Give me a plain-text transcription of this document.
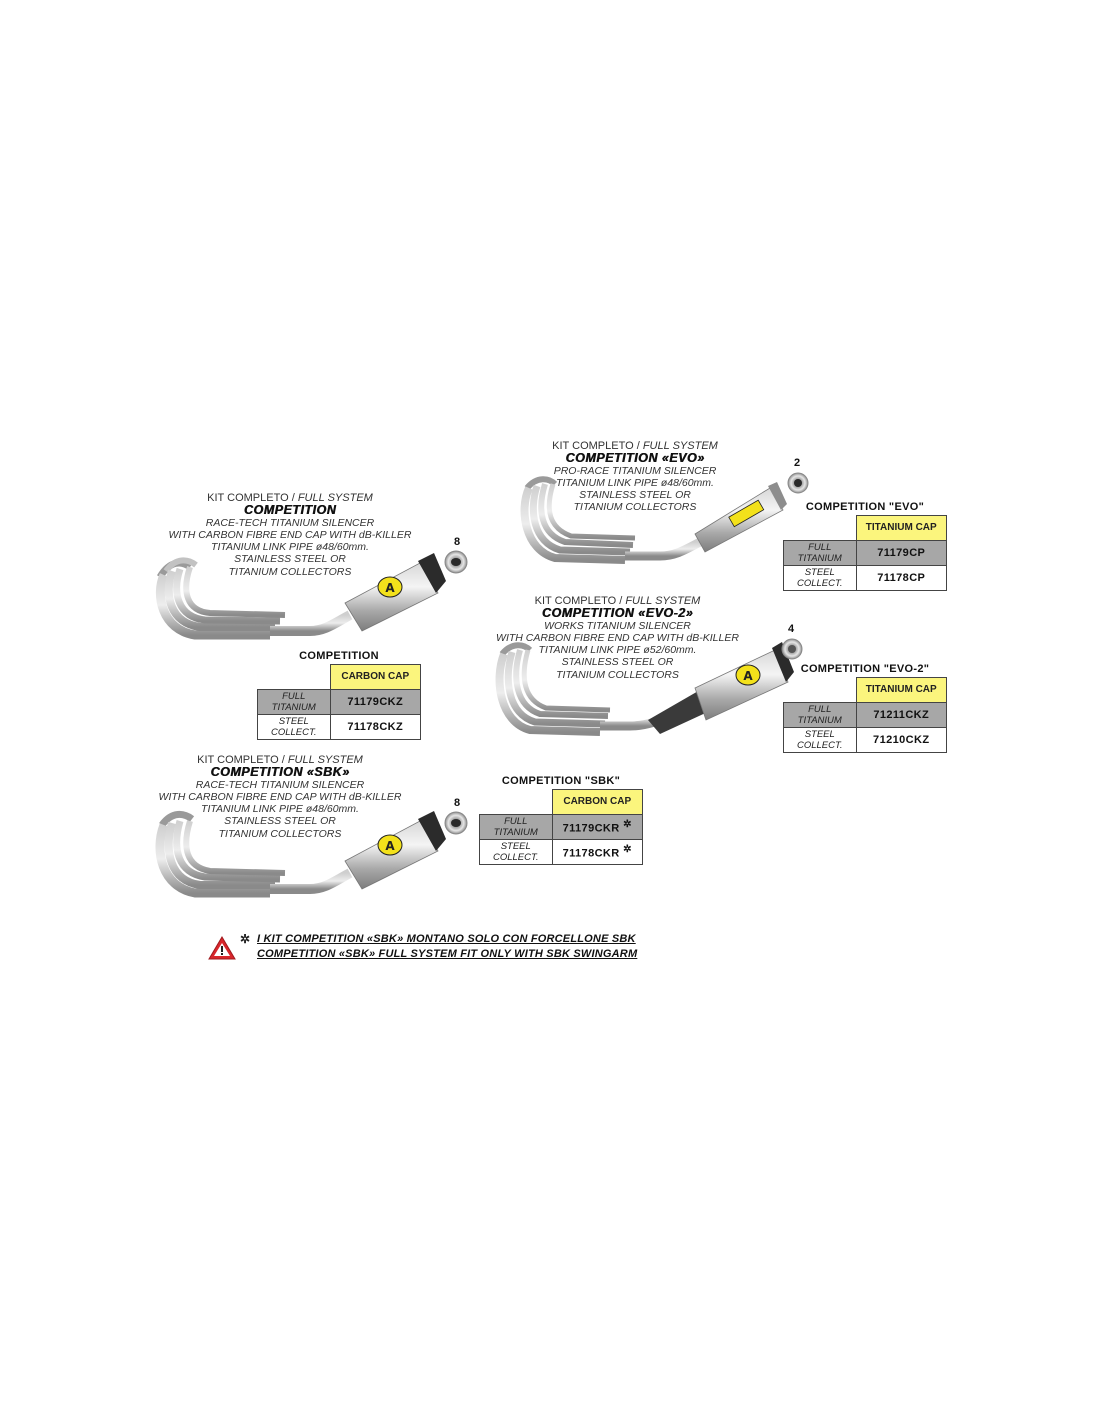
KIT COMPLETO / FULL SYSTEM
COMPETITION
RACE-TECH TITANIUM SILENCER
WITH CARBON FIBRE END CAP WITH dB-KILLER
TITANIUM LINK PIPE ø48/60mm.
STAINLESS STEEL OR
TITANIUM COLLECTORS
A
8
COMPETITION
	CARBON CAP
FULL
TITANIUM	71179CKZ
STEEL
COLLECT.	71178CKZ
KIT COMPLETO / FULL SYSTEM
COMPETITION «EVO»
PRO-RACE TITANIUM SILENCER
TITANIUM LINK PIPE ø48/60mm.
STAINLESS STEEL OR
TITANIUM COLLECTORS
2
COMPETITION "EVO"
	TITANIUM CAP
FULL
TITANIUM	71179CP
STEEL
COLLECT.	71178CP
KIT COMPLETO / FULL SYSTEM
COMPETITION «EVO-2»
WORKS TITANIUM SILENCER
WITH CARBON FIBRE END CAP WITH dB-KILLER
TITANIUM LINK PIPE ø52/60mm.
STAINLESS STEEL OR
TITANIUM COLLECTORS	A
4
COMPETITION "EVO-2"
	TITANIUM CAP
FULL
TITANIUM	71211CKZ
STEEL
COLLECT.	71210CKZ
KIT COMPLETO / FULL SYSTEM
COMPETITION «SBK»
RACE-TECH TITANIUM SILENCER
WITH CARBON FIBRE END CAP WITH dB-KILLER
TITANIUM LINK PIPE ø48/60mm.
STAINLESS STEEL OR
TITANIUM COLLECTORS
A
8
COMPETITION "SBK"
	CARBON CAP
FULL
TITANIUM	71179CKR ✲
STEEL
COLLECT.	71178CKR ✲
✲ I KIT COMPETITION «SBK» MONTANO SOLO CON FORCELLONE SBK
COMPETITION «SBK» FULL SYSTEM FIT ONLY WITH SBK SWINGARM
